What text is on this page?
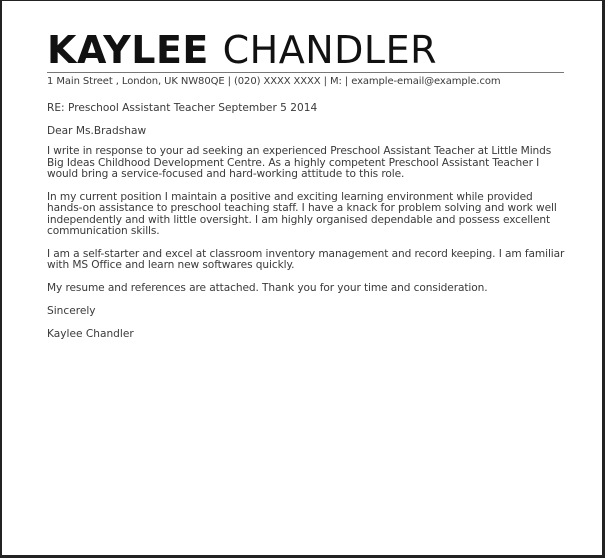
KAYLEE CHANDLER
1 Main Street , London, UK NW80QE | (020) XXXX XXXX | M: | example-email@example.com
RE: Preschool Assistant Teacher September 5 2014
Dear Ms.Bradshaw

I write in response to your ad seeking an experienced Preschool Assistant Teacher at Little Minds Big Ideas Childhood Development Centre. As a highly competent Preschool Assistant Teacher I would bring a service-focused and hard-working attitude to this role.

In my current position I maintain a positive and exciting learning environment while provided hands-on assistance to preschool teaching staff. I have a knack for problem solving and work well independently and with little oversight. I am highly organised dependable and possess excellent communication skills.

I am a self-starter and excel at classroom inventory management and record keeping. I am familiar with MS Office and learn new softwares quickly.

My resume and references are attached. Thank you for your time and consideration.

Sincerely
Kaylee Chandler
